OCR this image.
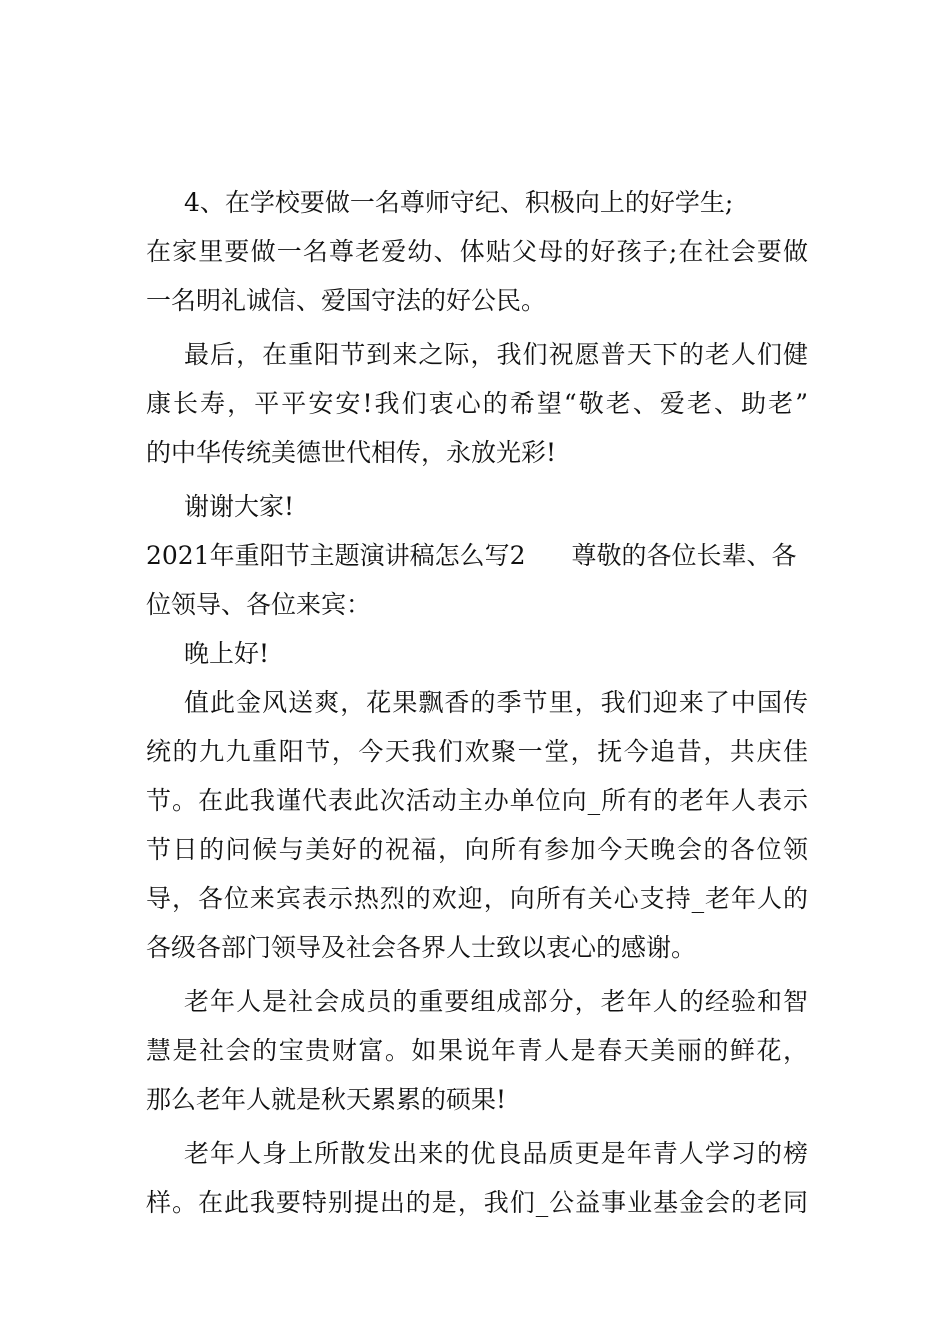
4、在学校要做一名尊师守纪、积极向上的好学生;
在家里要做一名尊老爱幼、体贴父母的好孩子;在社会要做
一名明礼诚信、爱国守法的好公民。
最后，在重阳节到来之际，我们祝愿普天下的老人们健
康长寿，平平安安!我们衷心的希望“敬老、爱老、助老”
的中华传统美德世代相传，永放光彩!
谢谢大家!
2021年重阳节主题演讲稿怎么写2 尊敬的各位长辈、各
位领导、各位来宾：
晚上好!
值此金风送爽，花果飘香的季节里，我们迎来了中国传
统的九九重阳节，今天我们欢聚一堂，抚今追昔，共庆佳
节。在此我谨代表此次活动主办单位向_所有的老年人表示
节日的问候与美好的祝福，向所有参加今天晚会的各位领
导，各位来宾表示热烈的欢迎，向所有关心支持_老年人的
各级各部门领导及社会各界人士致以衷心的感谢。
老年人是社会成员的重要组成部分，老年人的经验和智
慧是社会的宝贵财富。如果说年青人是春天美丽的鲜花，
那么老年人就是秋天累累的硕果!
老年人身上所散发出来的优良品质更是年青人学习的榜
样。在此我要特别提出的是，我们_公益事业基金会的老同
